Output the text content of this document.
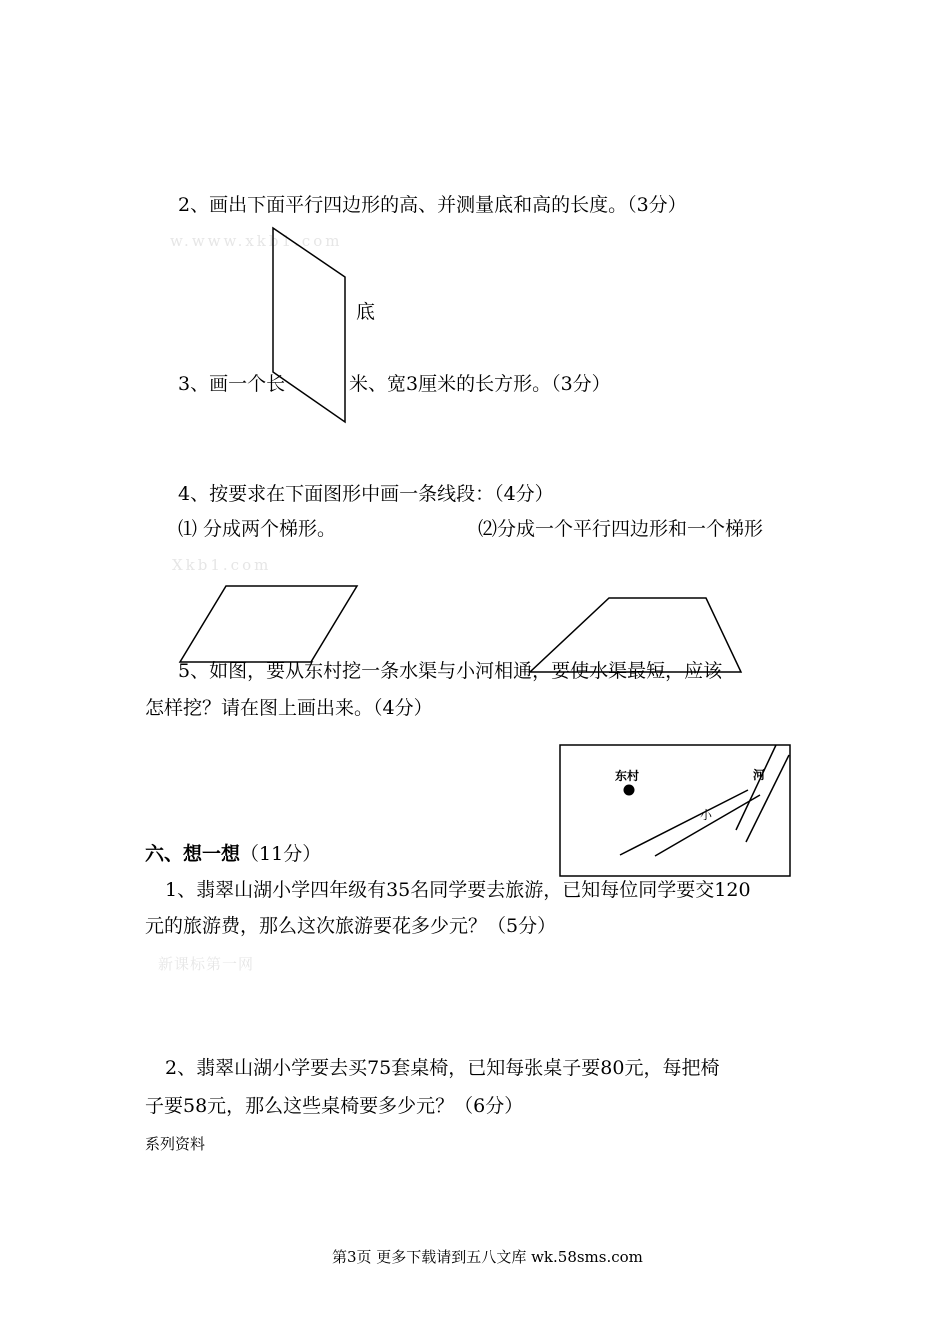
w.www.xkb1.com
Xkb1.com
新课标第一网
2、画出下面平行四边形的高、并测量底和高的长度。（3分）
底
3、画一个长	米、宽3厘米的长方形。（3分）
4、按要求在下面图形中画一条线段：（4分）
⑴ 分成两个梯形。	⑵分成一个平行四边形和一个梯形
5、如图，要从东村挖一条水渠与小河相通，要使水渠最短，应该
怎样挖？请在图上画出来。（4分）
六、想一想（11分）
1、翡翠山湖小学四年级有35名同学要去旅游，已知每位同学要交120
元的旅游费，那么这次旅游要花多少元？（5分）
2、翡翠山湖小学要去买75套桌椅，已知每张桌子要80元，每把椅
子要58元，那么这些桌椅要多少元？（6分）
系列资料
第3页 更多下载请到五八文库 wk.58sms.com
东村	河
小
